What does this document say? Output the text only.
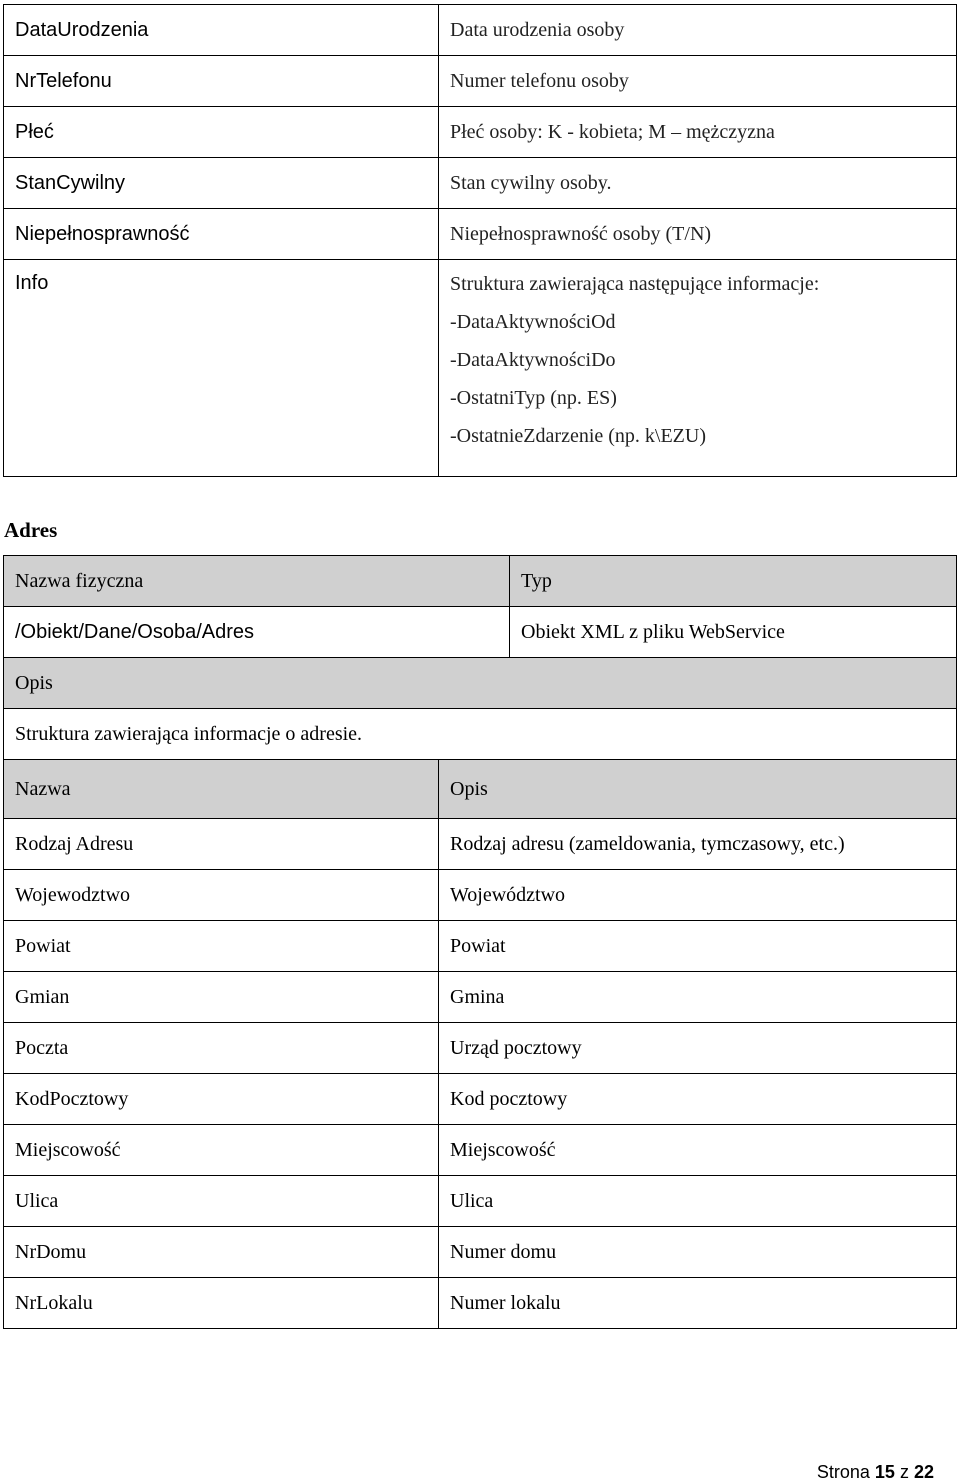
DataUrodzenia	Data urodzenia osoby
NrTelefonu	Numer telefonu osoby
Płeć	Płeć osoby: K - kobieta; M – mężczyzna
StanCywilny	Stan cywilny osoby.
Niepełnosprawność	Niepełnosprawność osoby (T/N)
Info	Struktura zawierająca następujące informacje:
-DataAktywnościOd
-DataAktywnościDo
-OstatniTyp (np. ES)
-OstatnieZdarzenie (np. k\EZU)
Adres
Nazwa fizyczna		Typ
/Obiekt/Dane/Osoba/Adres		Obiekt XML z pliku WebService
Opis		
Struktura zawierająca informacje o adresie.		
Nazwa	Opis	
Rodzaj Adresu	Rodzaj adresu (zameldowania, tymczasowy, etc.)	
Wojewodztwo	Województwo	
Powiat	Powiat	
Gmian	Gmina	
Poczta	Urząd pocztowy	
KodPocztowy	Kod pocztowy	
Miejscowość	Miejscowość	
Ulica	Ulica	
NrDomu	Numer domu	
NrLokalu	Numer lokalu	
Strona 15 z 22
